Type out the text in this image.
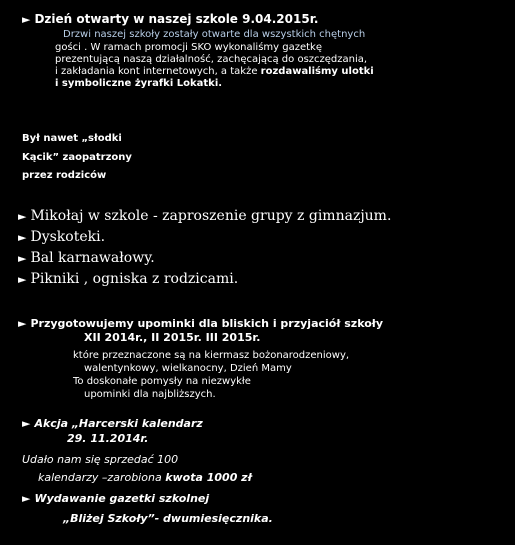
► Dzień otwarty w naszej szkole 9.04.2015r.
Drzwi naszej szkoły zostały otwarte dla wszystkich chętnych
gości . W ramach promocji SKO wykonaliśmy gazetkę
prezentującą naszą działalność, zachęcającą do oszczędzania,
i zakładania kont internetowych, a także rozdawaliśmy ulotki
i symboliczne żyrafki Lokatki.
Był nawet „słodki
Kącik” zaopatrzony
przez rodziców
► Mikołaj w szkole - zaproszenie grupy z gimnazjum.
► Dyskoteki.
► Bal karnawałowy.
► Pikniki , ogniska z rodzicami.
► Przygotowujemy upominki dla bliskich i przyjaciół szkoły
XII 2014r., II 2015r. III 2015r.
które przeznaczone są na kiermasz bożonarodzeniowy,
walentynkowy, wielkanocny, Dzień Mamy
To doskonałe pomysły na niezwykłe
upominki dla najbliższych.
► Akcja „Harcerski kalendarz
29. 11.2014r.
Udało nam się sprzedać 100
kalendarzy –zarobiona kwota 1000 zł
► Wydawanie gazetki szkolnej
„Bliżej Szkoły”- dwumiesięcznika.
